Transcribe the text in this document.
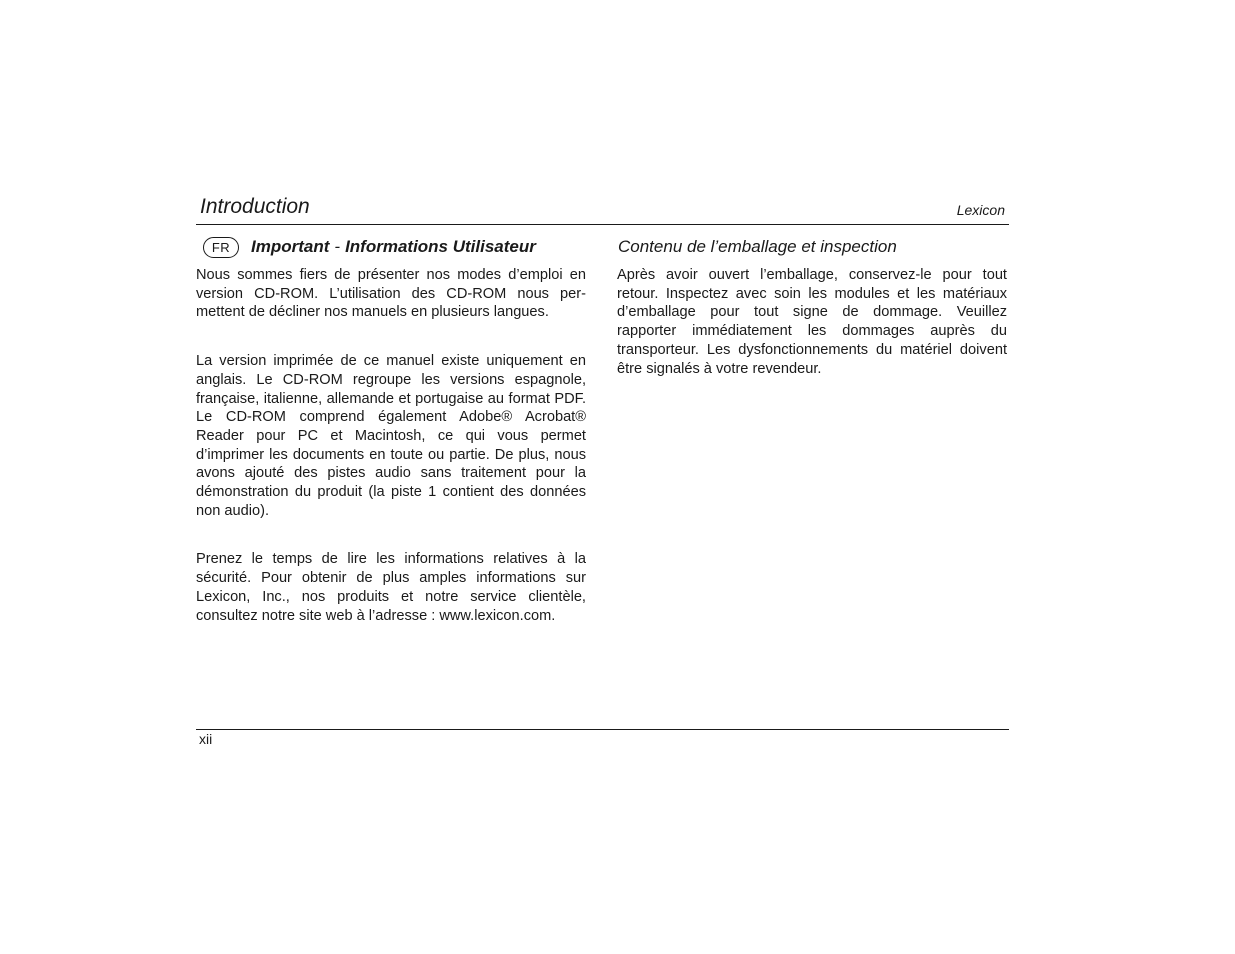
Introduction	Lexicon
FR	Important - Informations Utilisateur

Nous sommes fiers de présenter nos modes d’emploi en version CD-ROM. L’utilisation des CD-ROM nous per-mettent de décliner nos manuels en plusieurs langues.

La version imprimée de ce manuel existe uniquement en anglais. Le CD-ROM regroupe les versions espagnole, française, italienne, allemande et portugaise au format PDF. Le CD-ROM comprend également Adobe® Acrobat® Reader pour PC et Macintosh, ce qui vous permet d’imprimer les documents en toute ou partie. De plus, nous avons ajouté des pistes audio sans traitement pour la démonstration du produit (la piste 1 contient des données non audio).

Prenez le temps de lire les informations relatives à la sécurité. Pour obtenir de plus amples informations sur Lexicon, Inc., nos produits et notre service clientèle, consultez notre site web à l’adresse : www.lexicon.com.

Contenu de l’emballage et inspection

Après avoir ouvert l’emballage, conservez-le pour tout retour. Inspectez avec soin les modules et les matériaux d’emballage pour tout signe de dommage. Veuillez rapporter immédiatement les dommages auprès du transporteur. Les dysfonctionnements du matériel doivent être signalés à votre revendeur.

xii
